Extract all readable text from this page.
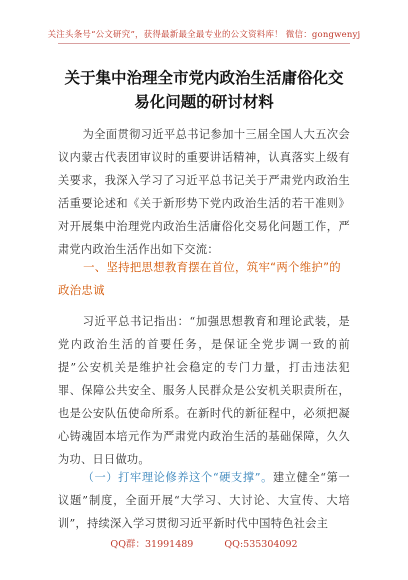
关注头条号“公文研究”，获得最新最全最专业的公文资料库！ 微信：gongwenyj
关于集中治理全市党内政治生活庸俗化交易化问题的研讨材料
为全面贯彻习近平总书记参加十三届全国人大五次会议内蒙古代表团审议时的重要讲话精神，认真落实上级有关要求，我深入学习了习近平总书记关于严肃党内政治生活重要论述和《关于新形势下党内政治生活的若干准则》对开展集中治理党内政治生活庸俗化交易化问题工作，严肃党内政治生活作出如下交流：
一、坚持把思想教育摆在首位，筑牢“两个维护”的政治忠诚
习近平总书记指出：“加强思想教育和理论武装，是党内政治生活的首要任务，是保证全党步调一致的前提”公安机关是维护社会稳定的专门力量，打击违法犯罪、保障公共安全、服务人民群众是公安机关职责所在，也是公安队伍使命所系。在新时代的新征程中，必须把凝心铸魂固本培元作为严肃党内政治生活的基础保障，久久为功、日日做功。
（一）打牢理论修养这个“硬支撑”。建立健全“第一议题”制度，全面开展“大学习、大讨论、大宣传、大培训”，持续深入学习贯彻习近平新时代中国特色社会主
QQ群：31991489	QQ:535304092
